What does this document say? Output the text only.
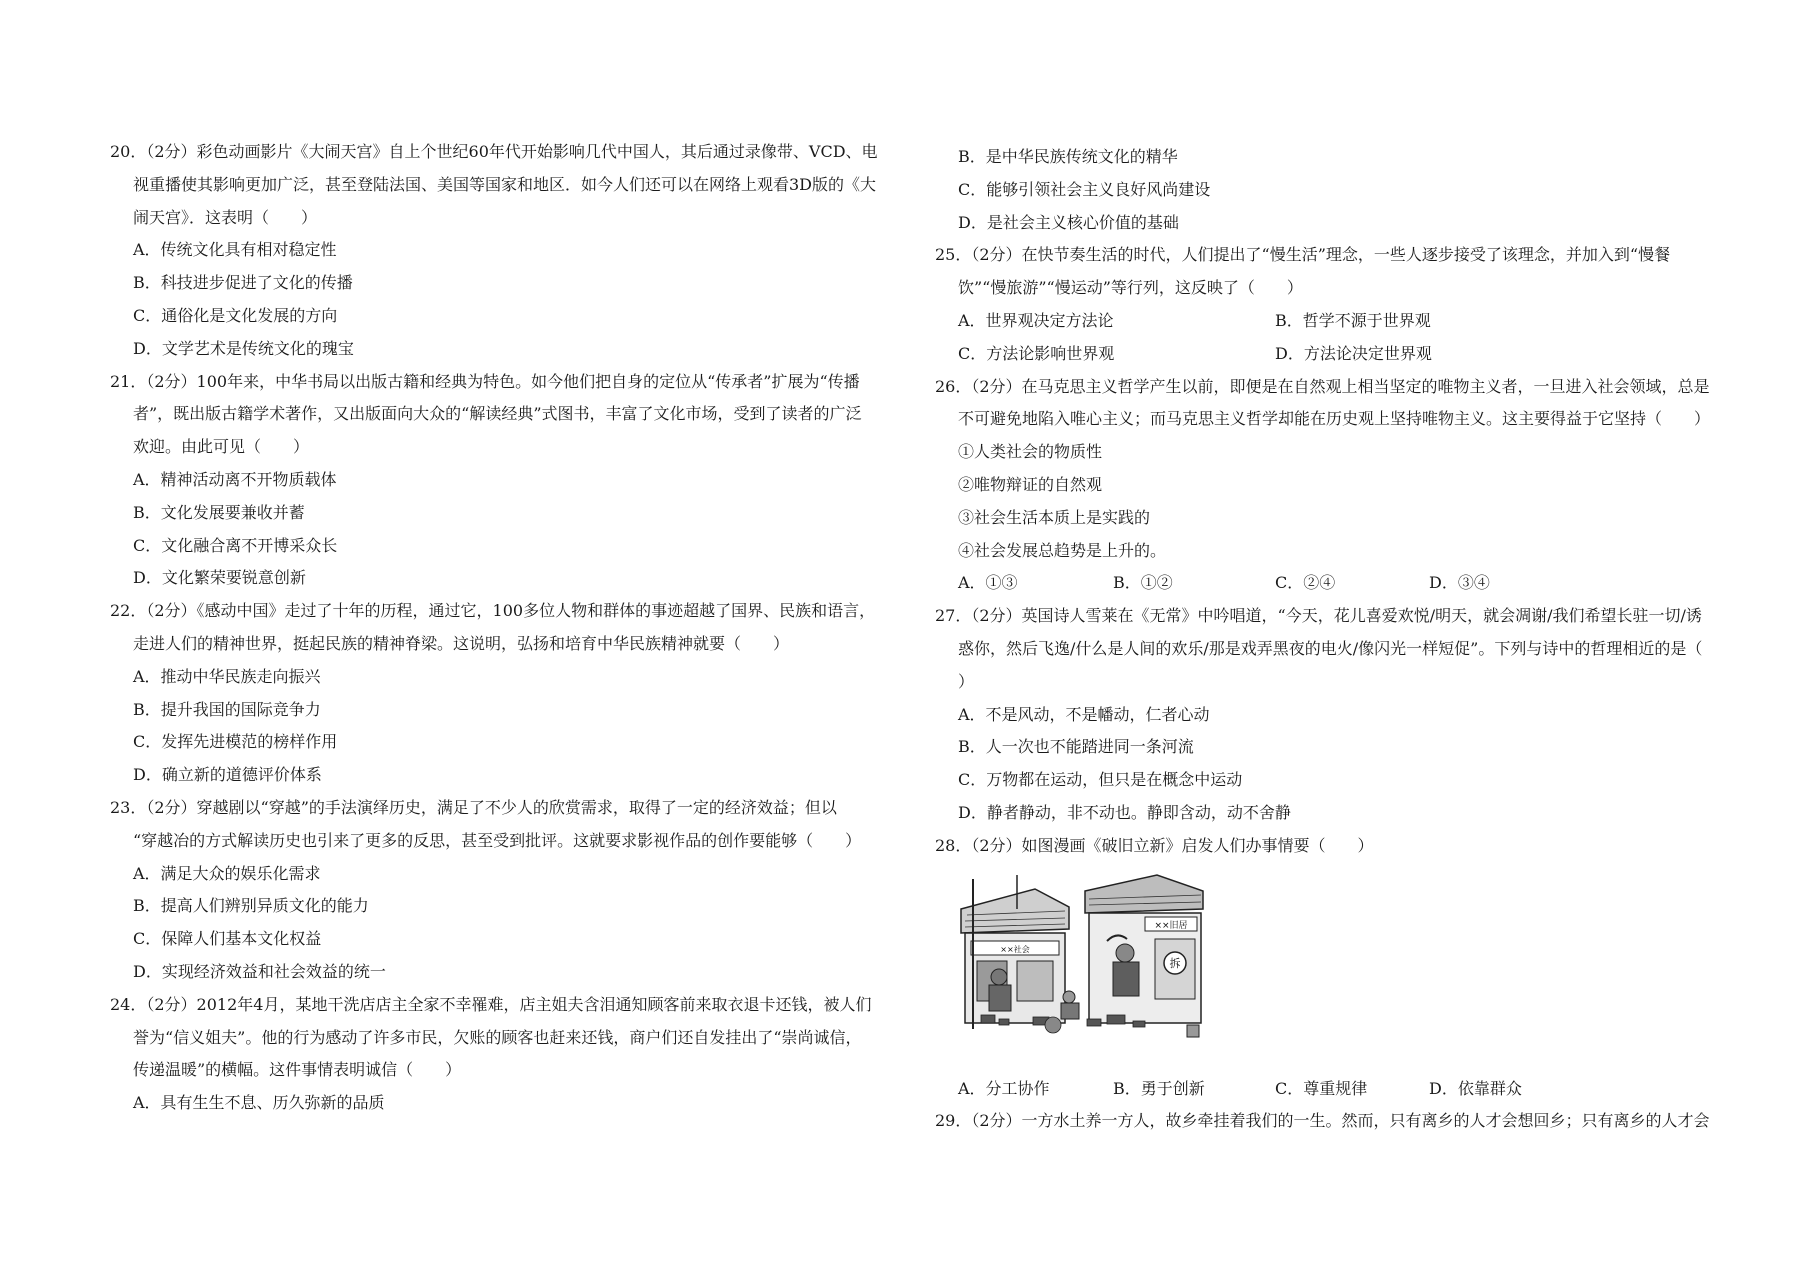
20．（2分）彩色动画影片《大闹天宫》自上个世纪60年代开始影响几代中国人，其后通过录像带、VCD、电
视重播使其影响更加广泛，甚至登陆法国、美国等国家和地区．如今人们还可以在网络上观看3D版的《大
闹天宫》．这表明（　　）
A．传统文化具有相对稳定性
B．科技进步促进了文化的传播
C．通俗化是文化发展的方向
D．文学艺术是传统文化的瑰宝
21．（2分）100年来，中华书局以出版古籍和经典为特色。如今他们把自身的定位从“传承者”扩展为“传播
者”，既出版古籍学术著作，又出版面向大众的“解读经典”式图书，丰富了文化市场，受到了读者的广泛
欢迎。由此可见（　　）
A．精神活动离不开物质载体
B．文化发展要兼收并蓄
C．文化融合离不开博采众长
D．文化繁荣要锐意创新
22．（2分）《感动中国》走过了十年的历程，通过它，100多位人物和群体的事迹超越了国界、民族和语言，
走进人们的精神世界，挺起民族的精神脊梁。这说明，弘扬和培育中华民族精神就要（　　）
A．推动中华民族走向振兴
B．提升我国的国际竞争力
C．发挥先进模范的榜样作用
D．确立新的道德评价体系
23．（2分）穿越剧以“穿越”的手法演绎历史，满足了不少人的欣赏需求，取得了一定的经济效益；但以
“穿越冶的方式解读历史也引来了更多的反思，甚至受到批评。这就要求影视作品的创作要能够（　　）
A．满足大众的娱乐化需求
B．提高人们辨别异质文化的能力
C．保障人们基本文化权益
D．实现经济效益和社会效益的统一
24．（2分）2012年4月，某地干洗店店主全家不幸罹难，店主姐夫含泪通知顾客前来取衣退卡还钱，被人们
誉为“信义姐夫”。他的行为感动了许多市民，欠账的顾客也赶来还钱，商户们还自发挂出了“崇尚诚信，
传递温暖”的横幅。这件事情表明诚信（　　）
A．具有生生不息、历久弥新的品质
B．是中华民族传统文化的精华
C．能够引领社会主义良好风尚建设
D．是社会主义核心价值的基础
25．（2分）在快节奏生活的时代，人们提出了“慢生活”理念，一些人逐步接受了该理念，并加入到“慢餐
饮”“慢旅游”“慢运动”等行列，这反映了（　　）
A．世界观决定方法论	B．哲学不源于世界观
C．方法论影响世界观	D．方法论决定世界观
26．（2分）在马克思主义哲学产生以前，即便是在自然观上相当坚定的唯物主义者，一旦进入社会领域，总是
不可避免地陷入唯心主义；而马克思主义哲学却能在历史观上坚持唯物主义。这主要得益于它坚持（　　）
①人类社会的物质性
②唯物辩证的自然观
③社会生活本质上是实践的
④社会发展总趋势是上升的。
A．①③	B．①②	C．②④	D．③④
27．（2分）英国诗人雪莱在《无常》中吟唱道，“今天，花儿喜爱欢悦/明天，就会凋谢/我们希望长驻一切/诱
惑你，然后飞逸/什么是人间的欢乐/那是戏弄黑夜的电火/像闪光一样短促”。下列与诗中的哲理相近的是（
）
A．不是风动，不是幡动，仁者心动
B．人一次也不能踏进同一条河流
C．万物都在运动，但只是在概念中运动
D．静者静动，非不动也。静即含动，动不舍静
28．（2分）如图漫画《破旧立新》启发人们办事情要（　　）
××社会
××旧居
拆
A．分工协作	B．勇于创新	C．尊重规律	D．依靠群众
29．（2分）一方水土养一方人，故乡牵挂着我们的一生。然而，只有离乡的人才会想回乡；只有离乡的人才会
